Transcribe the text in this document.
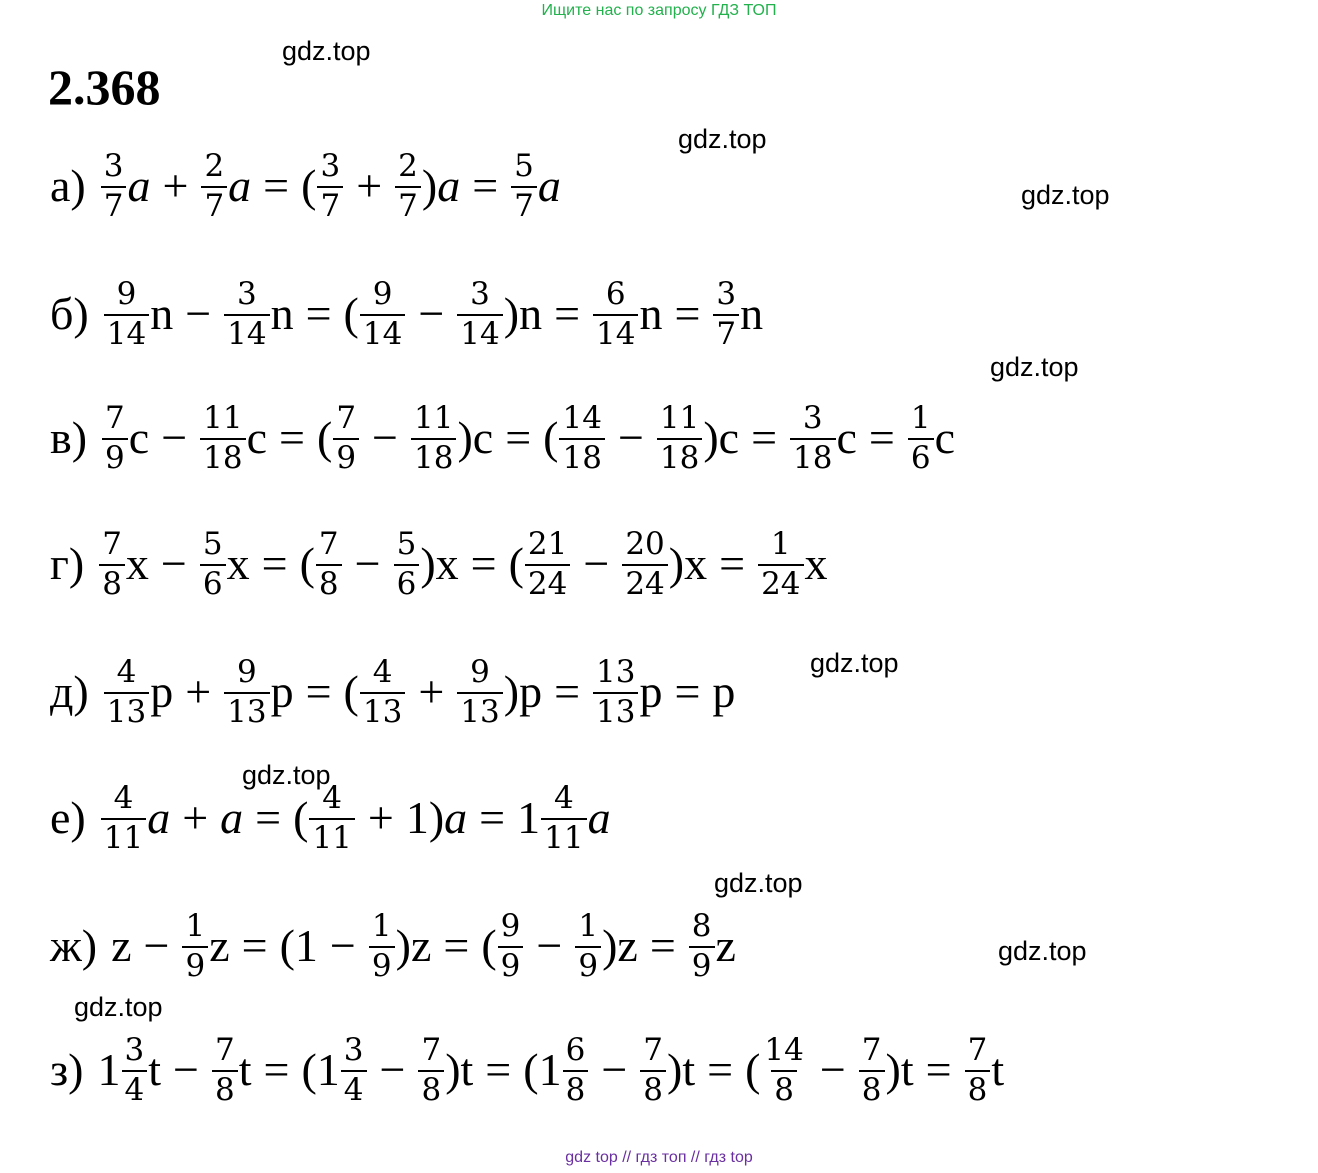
Ищите нас по запросу ГДЗ ТОП
2.368
gdz.top
gdz.top
gdz.top
gdz.top
gdz.top
gdz.top
gdz.top
gdz.top
gdz.top
$а) \frac{3}{7}$ $a + \frac{2}{7}$ a = ( $\frac{3}{7} + \frac{2}{7}$ ) $a = \frac{5}{7}$ a
$б) \frac{9}{14}$ $n - \frac{3}{14}$ n = ( $\frac{9}{14} - \frac{3}{14}$ ) $n = \frac{6}{14}$ $n = \frac{3}{7}$ n
$в) \frac{7}{9}$ $c - \frac{11}{18}$ c = ( $\frac{7}{9} - \frac{11}{18}$ ) c = ( $\frac{14}{18} - \frac{11}{18}$ ) $c = \frac{3}{18}$ $c = \frac{1}{6}$ c
$г) \frac{7}{8}$ $x - \frac{5}{6}$ x = ( $\frac{7}{8} - \frac{5}{6}$ ) x = ( $\frac{21}{24} - \frac{20}{24}$ ) $x = \frac{1}{24}$ x
$д) \frac{4}{13}$ $p + \frac{9}{13}$ p = ( $\frac{4}{13} + \frac{9}{13}$ ) $p = \frac{13}{13}$ p = p
$е) \frac{4}{11}$ a + a = ( $\frac{4}{11} + 1$ ) $a = 1 \frac{4}{11}$ a
ж) $z - \frac{1}{9}$ z = ( $1 - \frac{1}{9}$ ) z = ( $\frac{9}{9} - \frac{1}{9}$ ) $z = \frac{8}{9}$ z
з) $1 \frac{3}{4}$ $t - \frac{7}{8}$ t = ( $1 \frac{3}{4} - \frac{7}{8}$ ) t = ( $1 \frac{6}{8} - \frac{7}{8}$ ) t = ( $\frac{14}{8} - \frac{7}{8}$ ) $t = \frac{7}{8}$ t
gdz top // гдз топ // гдз top
